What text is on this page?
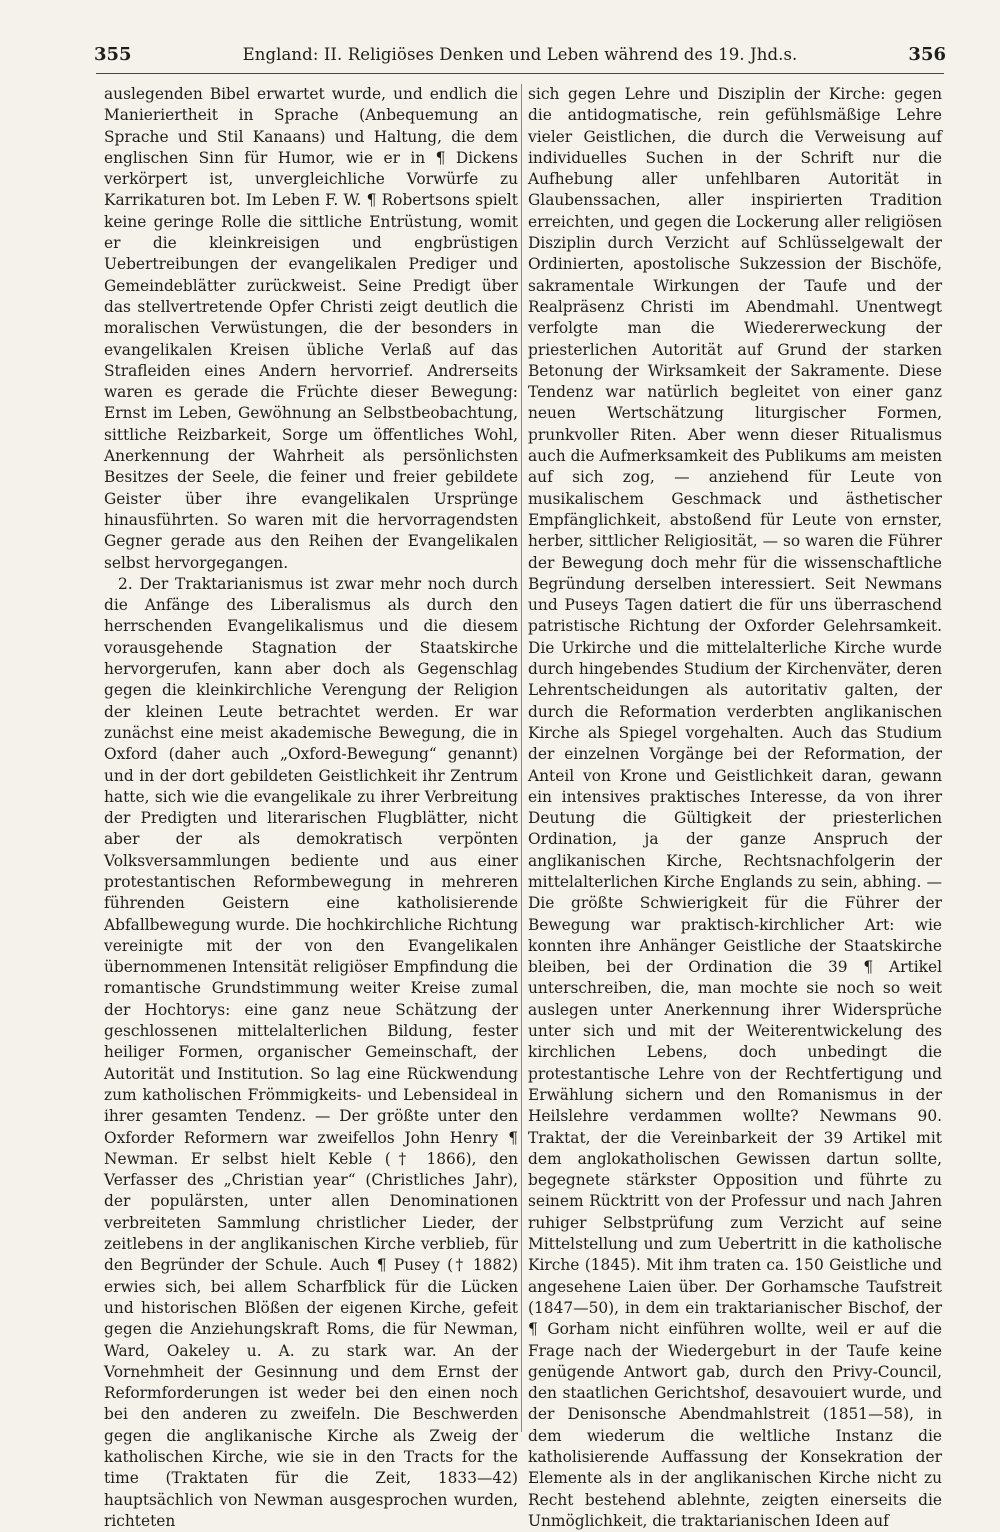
355	England: II. Religiöses Denken und Leben während des 19. Jhd.s.	356

auslegenden Bibel erwartet wurde, und endlich die Manieriertheit in Sprache (Anbequemung an Sprache und Stil Kanaans) und Haltung, die dem englischen Sinn für Humor, wie er in ¶ Dickens verkörpert ist, unvergleichliche Vorwürfe zu Karrikaturen bot. Im Leben F. W. ¶ Robertsons spielt keine geringe Rolle die sittliche Entrüstung, womit er die kleinkreisigen und engbrüstigen Uebertreibungen der evangelikalen Prediger und Gemeindeblätter zurückweist. Seine Predigt über das stellvertretende Opfer Christi zeigt deutlich die moralischen Verwüstungen, die der besonders in evangelikalen Kreisen übliche Verlaß auf das Strafleiden eines Andern hervorrief. Andrerseits waren es gerade die Früchte dieser Bewegung: Ernst im Leben, Gewöhnung an Selbstbeobachtung, sittliche Reizbarkeit, Sorge um öffentliches Wohl, Anerkennung der Wahrheit als persönlichsten Besitzes der Seele, die feiner und freier gebildete Geister über ihre evangelikalen Ursprünge hinausführten. So waren mit die hervorragendsten Gegner gerade aus den Reihen der Evangelikalen selbst hervorgegangen.

2. Der Traktarianismus ist zwar mehr noch durch die Anfänge des Liberalismus als durch den herrschenden Evangelikalismus und die diesem vorausgehende Stagnation der Staatskirche hervorgerufen, kann aber doch als Gegenschlag gegen die kleinkirchliche Verengung der Religion der kleinen Leute betrachtet werden. Er war zunächst eine meist akademische Bewegung, die in Oxford (daher auch „Oxford-Bewegung“ genannt) und in der dort gebildeten Geistlichkeit ihr Zentrum hatte, sich wie die evangelikale zu ihrer Verbreitung der Predigten und literarischen Flugblätter, nicht aber der als demokratisch verpönten Volksversammlungen bediente und aus einer protestantischen Reformbewegung in mehreren führenden Geistern eine katholisierende Abfallbewegung wurde. Die hochkirchliche Richtung vereinigte mit der von den Evangelikalen übernommenen Intensität religiöser Empfindung die romantische Grundstimmung weiter Kreise zumal der Hochtorys: eine ganz neue Schätzung der geschlossenen mittelalterlichen Bildung, fester heiliger Formen, organischer Gemeinschaft, der Autorität und Institution. So lag eine Rückwendung zum katholischen Frömmigkeits- und Lebensideal in ihrer gesamten Tendenz. — Der größte unter den Oxforder Reformern war zweifellos John Henry ¶ Newman. Er selbst hielt Keble († 1866), den Verfasser des „Christian year“ (Christliches Jahr), der populärsten, unter allen Denominationen verbreiteten Sammlung christlicher Lieder, der zeitlebens in der anglikanischen Kirche verblieb, für den Begründer der Schule. Auch ¶ Pusey († 1882) erwies sich, bei allem Scharfblick für die Lücken und historischen Blößen der eigenen Kirche, gefeit gegen die Anziehungskraft Roms, die für Newman, Ward, Oakeley u. A. zu stark war. An der Vornehmheit der Gesinnung und dem Ernst der Reformforderungen ist weder bei den einen noch bei den anderen zu zweifeln. Die Beschwerden gegen die anglikanische Kirche als Zweig der katholischen Kirche, wie sie in den Tracts for the time (Traktaten für die Zeit, 1833—42) hauptsächlich von Newman ausgesprochen wurden, richteten

sich gegen Lehre und Disziplin der Kirche: gegen die antidogmatische, rein gefühlsmäßige Lehre vieler Geistlichen, die durch die Verweisung auf individuelles Suchen in der Schrift nur die Aufhebung aller unfehlbaren Autorität in Glaubenssachen, aller inspirierten Tradition erreichten, und gegen die Lockerung aller religiösen Disziplin durch Verzicht auf Schlüsselgewalt der Ordinierten, apostolische Sukzession der Bischöfe, sakramentale Wirkungen der Taufe und der Realpräsenz Christi im Abendmahl. Unentwegt verfolgte man die Wiedererweckung der priesterlichen Autorität auf Grund der starken Betonung der Wirksamkeit der Sakramente. Diese Tendenz war natürlich begleitet von einer ganz neuen Wertschätzung liturgischer Formen, prunkvoller Riten. Aber wenn dieser Ritualismus auch die Aufmerksamkeit des Publikums am meisten auf sich zog, — anziehend für Leute von musikalischem Geschmack und ästhetischer Empfänglichkeit, abstoßend für Leute von ernster, herber, sittlicher Religiosität, — so waren die Führer der Bewegung doch mehr für die wissenschaftliche Begründung derselben interessiert. Seit Newmans und Puseys Tagen datiert die für uns überraschend patristische Richtung der Oxforder Gelehrsamkeit. Die Urkirche und die mittelalterliche Kirche wurde durch hingebendes Studium der Kirchenväter, deren Lehrentscheidungen als autoritativ galten, der durch die Reformation verderbten anglikanischen Kirche als Spiegel vorgehalten. Auch das Studium der einzelnen Vorgänge bei der Reformation, der Anteil von Krone und Geistlichkeit daran, gewann ein intensives praktisches Interesse, da von ihrer Deutung die Gültigkeit der priesterlichen Ordination, ja der ganze Anspruch der anglikanischen Kirche, Rechtsnachfolgerin der mittelalterlichen Kirche Englands zu sein, abhing. — Die größte Schwierigkeit für die Führer der Bewegung war praktisch-kirchlicher Art: wie konnten ihre Anhänger Geistliche der Staatskirche bleiben, bei der Ordination die 39 ¶ Artikel unterschreiben, die, man mochte sie noch so weit auslegen unter Anerkennung ihrer Widersprüche unter sich und mit der Weiterentwickelung des kirchlichen Lebens, doch unbedingt die protestantische Lehre von der Rechtfertigung und Erwählung sichern und den Romanismus in der Heilslehre verdammen wollte? Newmans 90. Traktat, der die Vereinbarkeit der 39 Artikel mit dem anglokatholischen Gewissen dartun sollte, begegnete stärkster Opposition und führte zu seinem Rücktritt von der Professur und nach Jahren ruhiger Selbstprüfung zum Verzicht auf seine Mittelstellung und zum Uebertritt in die katholische Kirche (1845). Mit ihm traten ca. 150 Geistliche und angesehene Laien über. Der Gorhamsche Taufstreit (1847—50), in dem ein traktarianischer Bischof, der ¶ Gorham nicht einführen wollte, weil er auf die Frage nach der Wiedergeburt in der Taufe keine genügende Antwort gab, durch den Privy-Council, den staatlichen Gerichtshof, desavouiert wurde, und der Denisonsche Abendmahlstreit (1851—58), in dem wiederum die weltliche Instanz die katholisierende Auffassung der Konsekration der Elemente als in der anglikanischen Kirche nicht zu Recht bestehend ablehnte, zeigten einerseits die Unmöglichkeit, die traktarianischen Ideen auf
